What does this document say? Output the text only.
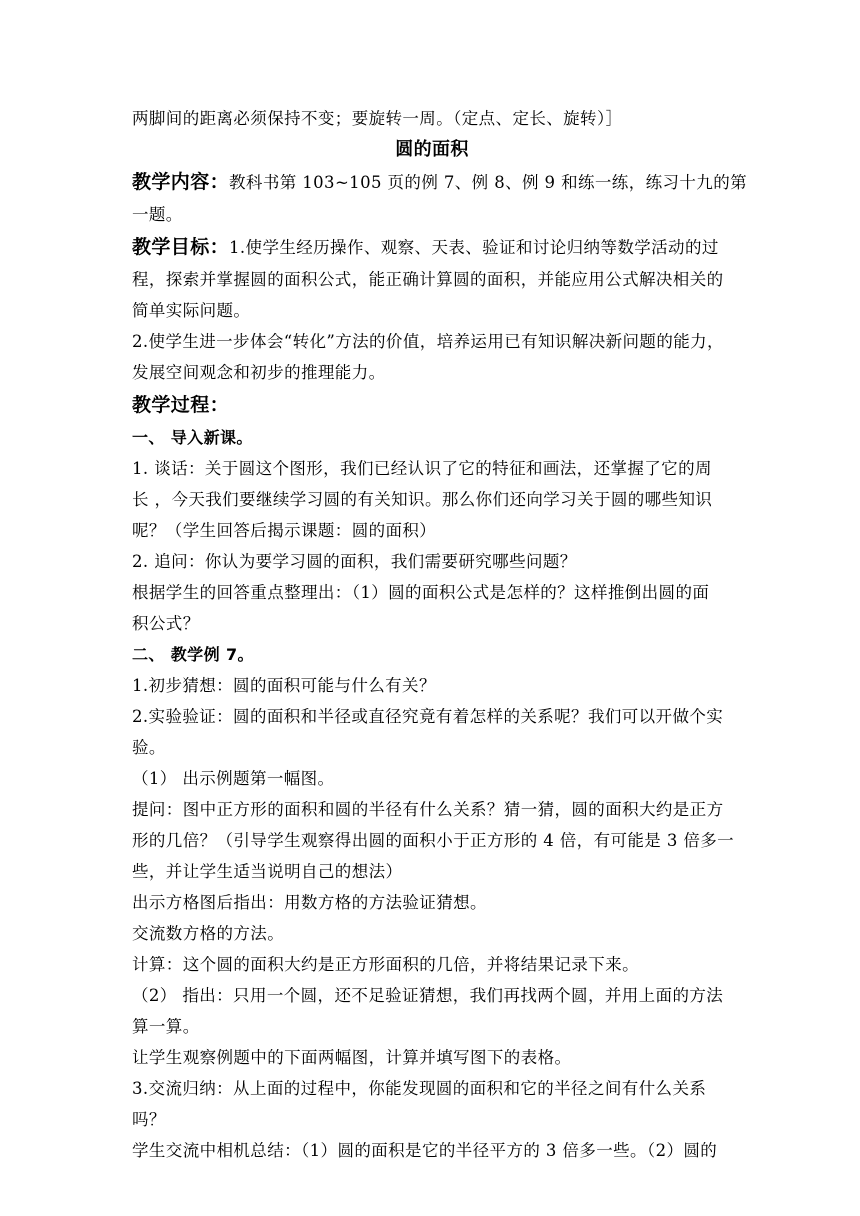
两脚间的距离必须保持不变；要旋转一周。（定点、定长、旋转）］
圆的面积
教学内容：教科书第 103~105 页的例 7、例 8、例 9 和练一练，练习十九的第
一题。
教学目标：1.使学生经历操作、观察、天表、验证和讨论归纳等数学活动的过
程，探索并掌握圆的面积公式，能正确计算圆的面积，并能应用公式解决相关的
简单实际问题。
2.使学生进一步体会“转化”方法的价值，培养运用已有知识解决新问题的能力，
发展空间观念和初步的推理能力。
教学过程：
一、 导入新课。
1. 谈话：关于圆这个图形，我们已经认识了它的特征和画法，还掌握了它的周
长 ，今天我们要继续学习圆的有关知识。那么你们还向学习关于圆的哪些知识
呢？（学生回答后揭示课题：圆的面积）
2. 追问：你认为要学习圆的面积，我们需要研究哪些问题？
根据学生的回答重点整理出：（1）圆的面积公式是怎样的？这样推倒出圆的面
积公式？
二、 教学例 7。
1.初步猜想：圆的面积可能与什么有关？
2.实验验证：圆的面积和半径或直径究竟有着怎样的关系呢？我们可以开做个实
验。
（1） 出示例题第一幅图。
提问：图中正方形的面积和圆的半径有什么关系？猜一猜，圆的面积大约是正方
形的几倍？（引导学生观察得出圆的面积小于正方形的 4 倍，有可能是 3 倍多一
些，并让学生适当说明自己的想法）
出示方格图后指出：用数方格的方法验证猜想。
交流数方格的方法。
计算：这个圆的面积大约是正方形面积的几倍，并将结果记录下来。
（2） 指出：只用一个圆，还不足验证猜想，我们再找两个圆，并用上面的方法
算一算。
让学生观察例题中的下面两幅图，计算并填写图下的表格。
3.交流归纳：从上面的过程中，你能发现圆的面积和它的半径之间有什么关系
吗？
学生交流中相机总结：（1）圆的面积是它的半径平方的 3 倍多一些。（2）圆的
